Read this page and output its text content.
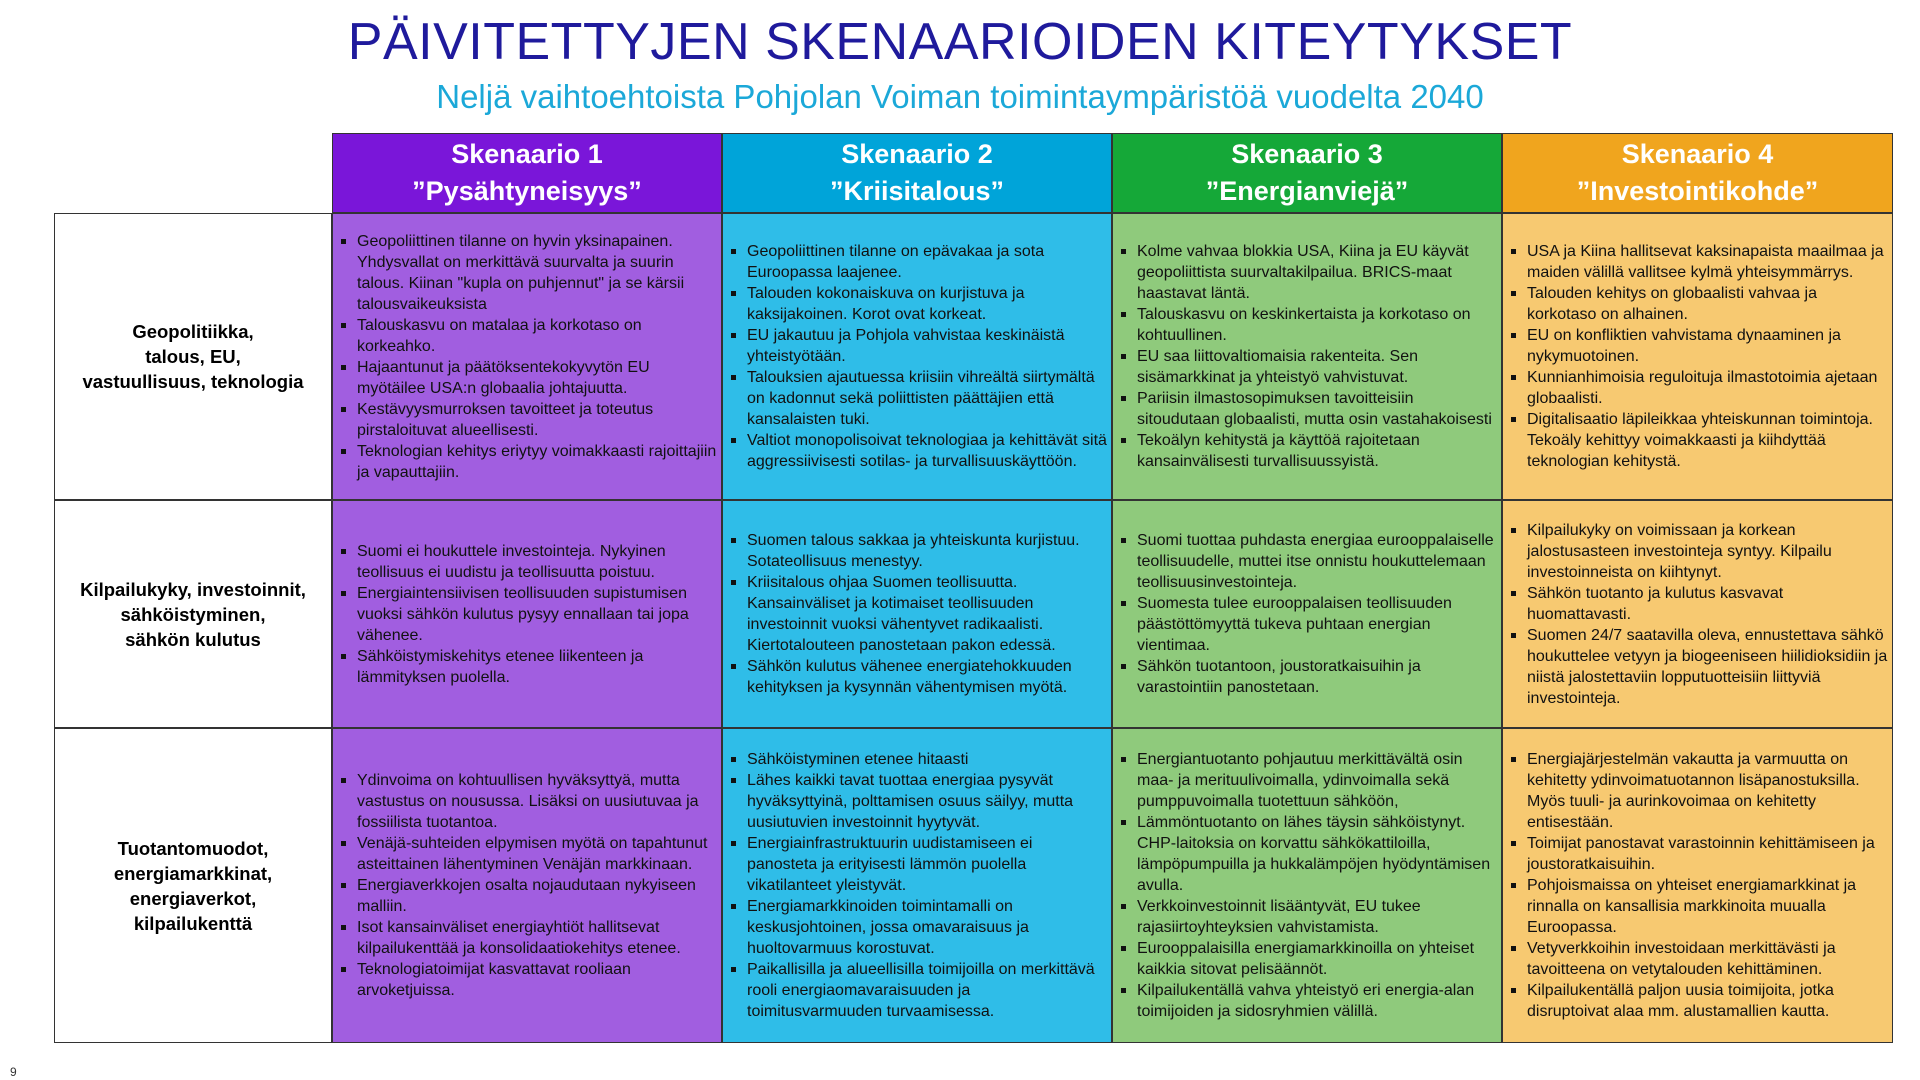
PÄIVITETTYJEN SKENAARIOIDEN KITEYTYKSET
Neljä vaihtoehtoista Pohjolan Voiman toimintaympäristöä vuodelta 2040
Skenaario 1
”Pysähtyneisyys”
Skenaario 2
”Kriisitalous”
Skenaario 3
”Energianviejä”
Skenaario 4
”Investointikohde”
Geopolitiikka,
talous, EU,
vastuullisuus, teknologia
Geopoliittinen tilanne on hyvin yksinapainen. Yhdysvallat on merkittävä suurvalta ja suurin talous. Kiinan "kupla on puhjennut" ja se kärsii talousvaikeuksista
Talouskasvu on matalaa ja korkotaso on korkeahko.
Hajaantunut ja päätöksentekokyvytön EU myötäilee USA:n globaalia johtajuutta.
Kestävyysmurroksen tavoitteet ja toteutus pirstaloituvat alueellisesti.
Teknologian kehitys eriytyy voimakkaasti rajoittajiin ja vapauttajiin.
Geopoliittinen tilanne on epävakaa ja sota Euroopassa laajenee.
Talouden kokonaiskuva on kurjistuva ja kaksijakoinen. Korot ovat korkeat.
EU jakautuu ja Pohjola vahvistaa keskinäistä yhteistyötään.
Talouksien ajautuessa kriisiin vihreältä siirtymältä on kadonnut sekä poliittisten päättäjien että kansalaisten tuki.
Valtiot monopolisoivat teknologiaa ja kehittävät sitä aggressiivisesti sotilas- ja turvallisuuskäyttöön.
Kolme vahvaa blokkia USA, Kiina ja EU käyvät geopoliittista suurvaltakilpailua. BRICS-maat haastavat läntä.
Talouskasvu on keskinkertaista ja korkotaso on kohtuullinen.
EU saa liittovaltiomaisia rakenteita. Sen sisämarkkinat ja yhteistyö vahvistuvat.
Pariisin ilmastosopimuksen tavoitteisiin sitoudutaan globaalisti, mutta osin vastahakoisesti
Tekoälyn kehitystä ja käyttöä rajoitetaan kansainvälisesti turvallisuussyistä.
USA ja Kiina hallitsevat kaksinapaista maailmaa ja maiden välillä vallitsee kylmä yhteisymmärrys.
Talouden kehitys on globaalisti vahvaa ja korkotaso on alhainen.
EU on konfliktien vahvistama dynaaminen ja nykymuotoinen.
Kunnianhimoisia reguloituja ilmastotoimia ajetaan globaalisti.
Digitalisaatio läpileikkaa yhteiskunnan toimintoja. Tekoäly kehittyy voimakkaasti ja kiihdyttää teknologian kehitystä.
Kilpailukyky, investoinnit,
sähköistyminen,
sähkön kulutus
Suomi ei houkuttele investointeja. Nykyinen teollisuus ei uudistu ja teollisuutta poistuu.
Energiaintensiivisen teollisuuden supistumisen vuoksi sähkön kulutus pysyy ennallaan tai jopa vähenee.
Sähköistymiskehitys etenee liikenteen ja lämmityksen puolella.
Suomen talous sakkaa ja yhteiskunta kurjistuu. Sotateollisuus menestyy.
Kriisitalous ohjaa Suomen teollisuutta. Kansainväliset ja kotimaiset teollisuuden investoinnit vuoksi vähentyvet radikaalisti. Kiertotalouteen panostetaan pakon edessä.
Sähkön kulutus vähenee energiatehokkuuden kehityksen ja kysynnän vähentymisen myötä.
Suomi tuottaa puhdasta energiaa eurooppalaiselle teollisuudelle, muttei itse onnistu houkuttelemaan teollisuusinvestointeja.
Suomesta tulee eurooppalaisen teollisuuden päästöttömyyttä tukeva puhtaan energian vientimaa.
Sähkön tuotantoon, joustoratkaisuihin ja varastointiin panostetaan.
Kilpailukyky on voimissaan ja korkean jalostusasteen investointeja syntyy. Kilpailu investoinneista on kiihtynyt.
Sähkön tuotanto ja kulutus kasvavat huomattavasti.
Suomen 24/7 saatavilla oleva, ennustettava sähkö houkuttelee vetyyn ja biogeeniseen hiilidioksidiin ja niistä jalostettaviin lopputuotteisiin liittyviä investointeja.
Tuotantomuodot,
energiamarkkinat,
energiaverkot,
kilpailukenttä
Ydinvoima on kohtuullisen hyväksyttyä, mutta vastustus on nousussa. Lisäksi on uusiutuvaa ja fossiilista tuotantoa.
Venäjä-suhteiden elpymisen myötä on tapahtunut asteittainen lähentyminen Venäjän markkinaan.
Energiaverkkojen osalta nojaudutaan nykyiseen malliin.
Isot kansainväliset energiayhtiöt hallitsevat kilpailukenttää ja konsolidaatiokehitys etenee.
Teknologiatoimijat kasvattavat rooliaan arvoketjuissa.
Sähköistyminen etenee hitaasti
Lähes kaikki tavat tuottaa energiaa pysyvät hyväksyttyinä, polttamisen osuus säilyy, mutta uusiutuvien investoinnit hyytyvät.
Energiainfrastruktuurin uudistamiseen ei panosteta ja erityisesti lämmön puolella vikatilanteet yleistyvät.
Energiamarkkinoiden toimintamalli on keskusjohtoinen, jossa omavaraisuus ja huoltovarmuus korostuvat.
Paikallisilla ja alueellisilla toimijoilla on merkittävä rooli energiaomavaraisuuden ja toimitusvarmuuden turvaamisessa.
Energiantuotanto pohjautuu merkittävältä osin maa- ja merituulivoimalla, ydinvoimalla sekä pumppuvoimalla tuotettuun sähköön,
Lämmöntuotanto on lähes täysin sähköistynyt. CHP-laitoksia on korvattu sähkökattiloilla, lämpöpumpuilla ja hukkalämpöjen hyödyntämisen avulla.
Verkkoinvestoinnit lisääntyvät, EU tukee rajasiirtoyhteyksien vahvistamista.
Eurooppalaisilla energiamarkkinoilla on yhteiset kaikkia sitovat pelisäännöt.
Kilpailukentällä vahva yhteistyö eri energia-alan toimijoiden ja sidosryhmien välillä.
Energiajärjestelmän vakautta ja varmuutta on kehitetty ydinvoimatuotannon lisäpanostuksilla. Myös tuuli- ja aurinkovoimaa on kehitetty entisestään.
Toimijat panostavat varastoinnin kehittämiseen ja joustoratkaisuihin.
Pohjoismaissa on yhteiset energiamarkkinat ja rinnalla on kansallisia markkinoita muualla Euroopassa.
Vetyverkkoihin investoidaan merkittävästi ja tavoitteena on vetytalouden kehittäminen.
Kilpailukentällä paljon uusia toimijoita, jotka disruptoivat alaa mm. alustamallien kautta.
9
